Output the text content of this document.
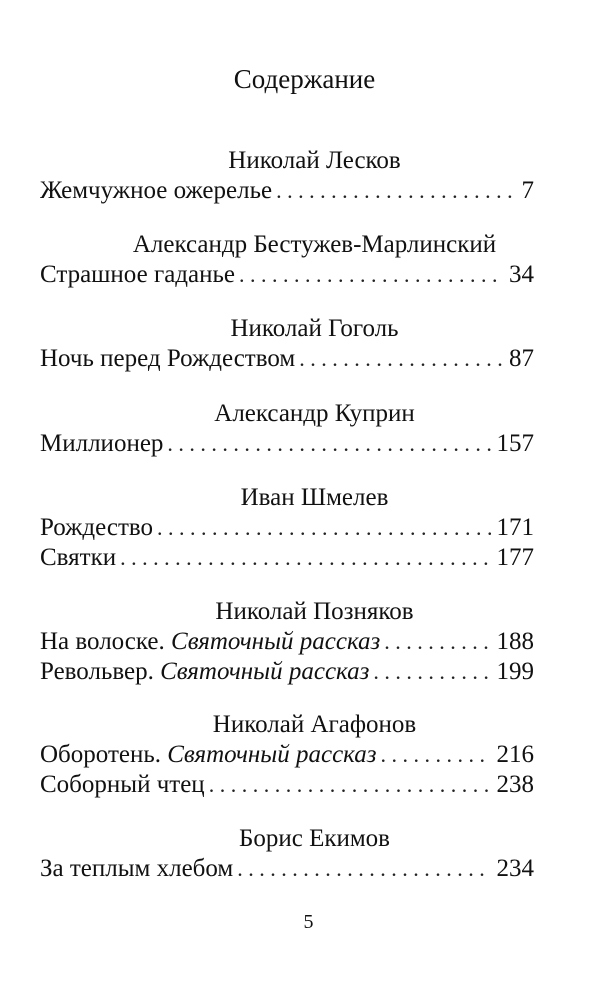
Содержание
Николай Лесков
Жемчужное ожерелье . . .	7
Александр Бестужев-Марлинский
Страшное гаданье . . .	34
Николай Гоголь
Ночь перед Рождеством . . .	87
Александр Куприн
Миллионер . . .	157
Иван Шмелев
Рождество . . .	171
Святки . . .	177
Николай Позняков
На волоске. Святочный рассказ . . .	188
Револьвер. Святочный рассказ . . .	199
Николай Агафонов
Оборотень. Святочный рассказ . . .	216
Соборный чтец . . .	238
Борис Екимов
За теплым хлебом . . .	234
5
